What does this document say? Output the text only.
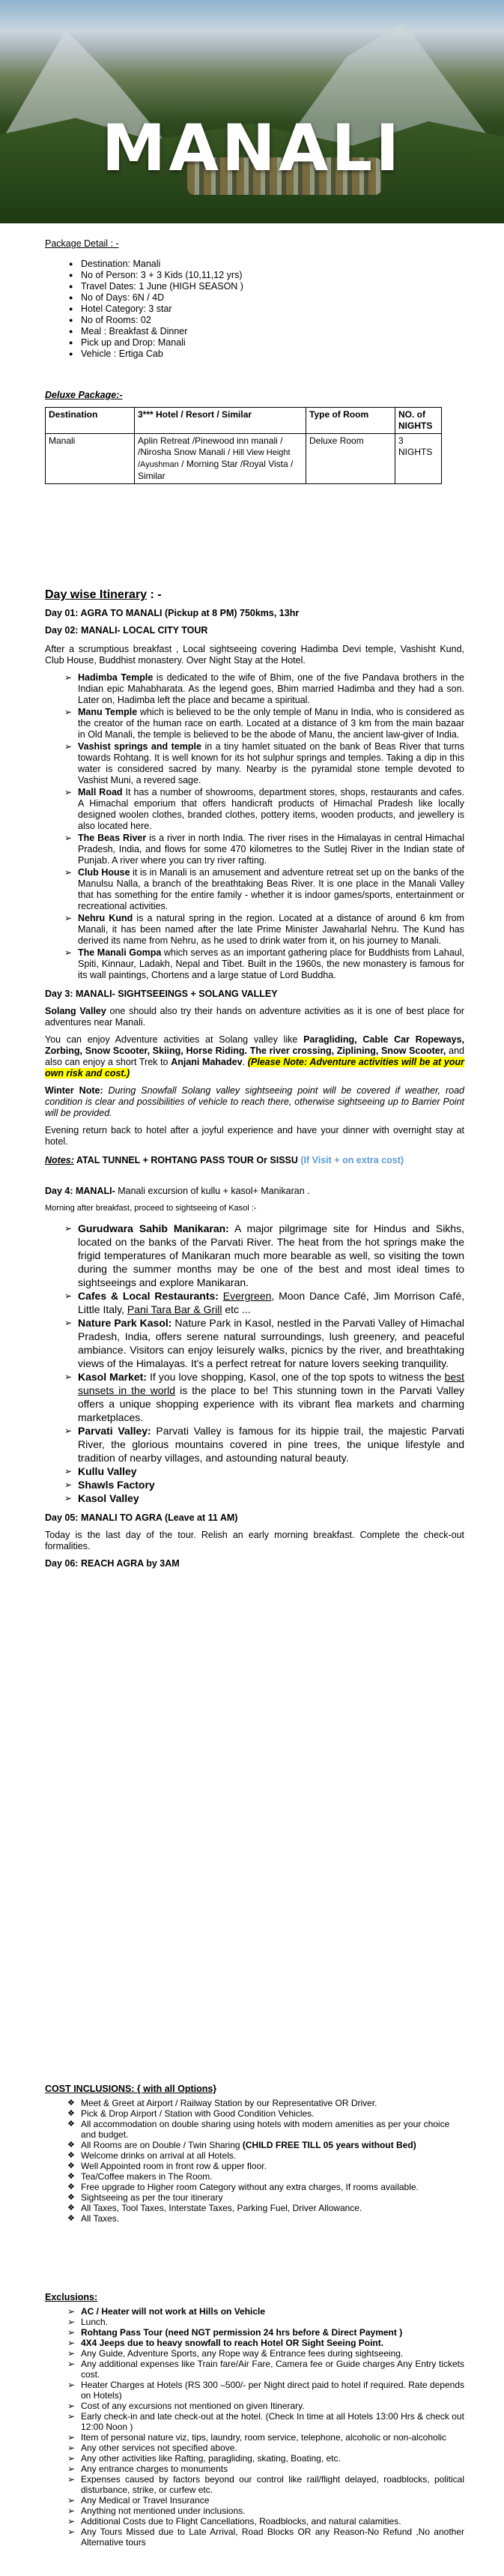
MANALI
Package Detail : -
● Destination: Manali
● No of Person: 3 + 3 Kids (10,11,12 yrs)
● Travel Dates: 1 June (HIGH SEASON )
● No of Days: 6N / 4D
● Hotel Category: 3 star
● No of Rooms: 02
● Meal : Breakfast & Dinner
● Pick up and Drop: Manali
● Vehicle : Ertiga Cab
Deluxe Package:-
Destination	3*** Hotel / Resort / Similar	Type of Room	NO. of NIGHTS
Manali	Aplin Retreat /Pinewood inn manali / /Nirosha Snow Manali / Hill View Height /Ayushman / Morning Star /Royal Vista / Similar	Deluxe Room	3 NIGHTS
Day wise Itinerary : -
Day 01: AGRA TO MANALI (Pickup at 8 PM) 750kms, 13hr
Day 02: MANALI- LOCAL CITY TOUR
After a scrumptious breakfast , Local sightseeing covering Hadimba Devi temple, Vashisht Kund, Club House, Buddhist monastery. Over Night Stay at the Hotel.
➢ Hadimba Temple is dedicated to the wife of Bhim, one of the five Pandava brothers in the Indian epic Mahabharata. As the legend goes, Bhim married Hadimba and they had a son. Later on, Hadimba left the place and became a spiritual.
➢ Manu Temple which is believed to be the only temple of Manu in India, who is considered as the creator of the human race on earth. Located at a distance of 3 km from the main bazaar in Old Manali, the temple is believed to be the abode of Manu, the ancient law-giver of India.
➢ Vashist springs and temple in a tiny hamlet situated on the bank of Beas River that turns towards Rohtang. It is well known for its hot sulphur springs and temples. Taking a dip in this water is considered sacred by many. Nearby is the pyramidal stone temple devoted to Vashist Muni, a revered sage.
➢ Mall Road It has a number of showrooms, department stores, shops, restaurants and cafes. A Himachal emporium that offers handicraft products of Himachal Pradesh like locally designed woolen clothes, branded clothes, pottery items, wooden products, and jewellery is also located here.
➢ The Beas River is a river in north India. The river rises in the Himalayas in central Himachal Pradesh, India, and flows for some 470 kilometres to the Sutlej River in the Indian state of Punjab. A river where you can try river rafting.
➢ Club House it is in Manali is an amusement and adventure retreat set up on the banks of the Manulsu Nalla, a branch of the breathtaking Beas River. It is one place in the Manali Valley that has something for the entire family - whether it is indoor games/sports, entertainment or recreational activities.
➢ Nehru Kund is a natural spring in the region. Located at a distance of around 6 km from Manali, it has been named after the late Prime Minister Jawaharlal Nehru. The Kund has derived its name from Nehru, as he used to drink water from it, on his journey to Manali.
➢ The Manali Gompa which serves as an important gathering place for Buddhists from Lahaul, Spiti, Kinnaur, Ladakh, Nepal and Tibet. Built in the 1960s, the new monastery is famous for its wall paintings, Chortens and a large statue of Lord Buddha.
Day 3: MANALI- SIGHTSEEINGS + SOLANG VALLEY
Solang Valley one should also try their hands on adventure activities as it is one of best place for adventures near Manali.
You can enjoy Adventure activities at Solang valley like Paragliding, Cable Car Ropeways, Zorbing, Snow Scooter, Skiing, Horse Riding. The river crossing, Ziplining, Snow Scooter, and also can enjoy a short Trek to Anjani Mahadev. (Please Note: Adventure activities will be at your own risk and cost.)
Winter Note: During Snowfall Solang valley sightseeing point will be covered if weather, road condition is clear and possibilities of vehicle to reach there, otherwise sightseeing up to Barrier Point will be provided.
Evening return back to hotel after a joyful experience and have your dinner with overnight stay at hotel.
Notes: ATAL TUNNEL + ROHTANG PASS TOUR Or SISSU (If Visit + on extra cost)
Day 4: MANALI- Manali excursion of kullu + kasol+ Manikaran .
Morning after breakfast, proceed to sightseeing of Kasol :-
➢ Gurudwara Sahib Manikaran: A major pilgrimage site for Hindus and Sikhs, located on the banks of the Parvati River. The heat from the hot springs make the frigid temperatures of Manikaran much more bearable as well, so visiting the town during the summer months may be one of the best and most ideal times to sightseeings and explore Manikaran.
➢ Cafes & Local Restaurants: Evergreen, Moon Dance Café, Jim Morrison Café, Little Italy, Pani Tara Bar & Grill etc ...
➢ Nature Park Kasol: Nature Park in Kasol, nestled in the Parvati Valley of Himachal Pradesh, India, offers serene natural surroundings, lush greenery, and peaceful ambiance. Visitors can enjoy leisurely walks, picnics by the river, and breathtaking views of the Himalayas. It's a perfect retreat for nature lovers seeking tranquility.
➢ Kasol Market: If you love shopping, Kasol, one of the top spots to witness the best sunsets in the world is the place to be! This stunning town in the Parvati Valley offers a unique shopping experience with its vibrant flea markets and charming marketplaces.
➢ Parvati Valley: Parvati Valley is famous for its hippie trail, the majestic Parvati River, the glorious mountains covered in pine trees, the unique lifestyle and tradition of nearby villages, and astounding natural beauty.
➢ Kullu Valley
➢ Shawls Factory
➢ Kasol Valley
Day 05: MANALI TO AGRA (Leave at 11 AM)
Today is the last day of the tour. Relish an early morning breakfast. Complete the check-out formalities.
Day 06: REACH AGRA by 3AM
COST INCLUSIONS: { with all Options}
❖ Meet & Greet at Airport / Railway Station by our Representative OR Driver.
❖ Pick & Drop Airport / Station with Good Condition Vehicles.
❖ All accommodation on double sharing using hotels with modern amenities as per your choice and budget.
❖ All Rooms are on Double / Twin Sharing (CHILD FREE TILL 05 years without Bed)
❖ Welcome drinks on arrival at all Hotels.
❖ Well Appointed room in front row & upper floor.
❖ Tea/Coffee makers in The Room.
❖ Free upgrade to Higher room Category without any extra charges, If rooms available.
❖ Sightseeing as per the tour itinerary
❖ All Taxes, Tool Taxes, Interstate Taxes, Parking Fuel, Driver Allowance.
❖ All Taxes.
Exclusions:
➢ AC / Heater will not work at Hills on Vehicle
➢ Lunch.
➢ Rohtang Pass Tour (need NGT permission 24 hrs before & Direct Payment )
➢ 4X4 Jeeps due to heavy snowfall to reach Hotel OR Sight Seeing Point.
➢ Any Guide, Adventure Sports, any Rope way & Entrance fees during sightseeing.
➢ Any additional expenses like Train fare/Air Fare, Camera fee or Guide charges Any Entry tickets cost.
➢ Heater Charges at Hotels (RS 300 –500/- per Night direct paid to hotel if required. Rate depends on Hotels)
➢ Cost of any excursions not mentioned on given Itinerary.
➢ Early check-in and late check-out at the hotel. (Check In time at all Hotels 13:00 Hrs & check out 12:00 Noon )
➢ Item of personal nature viz, tips, laundry, room service, telephone, alcoholic or non-alcoholic
➢ Any other services not specified above.
➢ Any other activities like Rafting, paragliding, skating, Boating, etc.
➢ Any entrance charges to monuments
➢ Expenses caused by factors beyond our control like rail/flight delayed, roadblocks, political disturbance, strike, or curfew etc.
➢ Any Medical or Travel Insurance
➢ Anything not mentioned under inclusions.
➢ Additional Costs due to Flight Cancellations, Roadblocks, and natural calamities.
➢ Any Tours Missed due to Late Arrival, Road Blocks OR any Reason-No Refund ,No another Alternative tours
